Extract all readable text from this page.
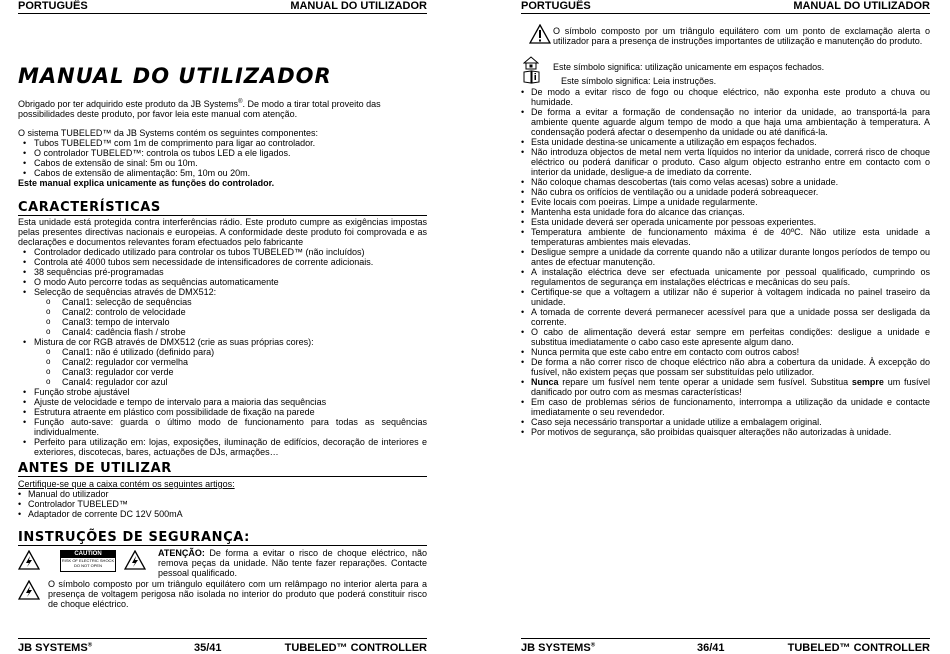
PORTUGUÊS	MANUAL DO UTILIZADOR
MANUAL DO UTILIZADOR

Obrigado por ter adquirido este produto da JB Systems®. De modo a tirar total proveito das possibilidades deste produto, por favor leia este manual com atenção.

O sistema TUBELED™ da JB Systems contém os seguintes componentes:

• Tubos TUBELED™ com 1m de comprimento para ligar ao controlador.
• O controlador TUBELED™: controla os tubos LED a ele ligados.
• Cabos de extensão de sinal: 5m ou 10m.
• Cabos de extensão de alimentação: 5m, 10m ou 20m.

Este manual explica unicamente as funções do controlador.

CARACTERÍSTICAS

Esta unidade está protegida contra interferências rádio. Este produto cumpre as exigências impostas pelas presentes directivas nacionais e europeias. A conformidade deste produto foi comprovada e as declarações e documentos relevantes foram efectuados pelo fabricante

• Controlador dedicado utilizado para controlar os tubos TUBELED™ (não incluídos)
• Controla até 4000 tubos sem necessidade de intensificadores de corrente adicionais.
• 38 sequências pré-programadas
• O modo Auto percorre todas as sequências automaticamente
• Selecção de sequências através de DMX512:
o Canal1: selecção de sequências
o Canal2: controlo de velocidade
o Canal3: tempo de intervalo
o Canal4: cadência flash / strobe
• Mistura de cor RGB através de DMX512 (crie as suas próprias cores):
o Canal1: não é utilizado (definido para)
o Canal2: regulador cor vermelha
o Canal3: regulador cor verde
o Canal4: regulador cor azul
• Função strobe ajustável
• Ajuste de velocidade e tempo de intervalo para a maioria das sequências
• Estrutura atraente em plástico com possibilidade de fixação na parede
• Função auto-save: guarda o último modo de funcionamento para todas as sequências individualmente.
• Perfeito para utilização em: lojas, exposições, iluminação de edifícios, decoração de interiores e exteriores, discotecas, bares, actuações de DJs, armações…
ANTES DE UTILIZAR

Certifique-se que a caixa contém os seguintes artigos:

• Manual do utilizador
• Controlador TUBELED™
• Adaptador de corrente DC 12V 500mA
INSTRUÇÕES DE SEGURANÇA:
CAUTION
RISK OF ELECTRIC SHOCK
DO NOT OPEN

ATENÇÃO: De forma a evitar o risco de choque eléctrico, não remova peças da unidade. Não tente fazer reparações. Contacte pessoal qualificado.

O símbolo composto por um triângulo equilátero com um relâmpago no interior alerta para a presença de voltagem perigosa não isolada no interior do produto que poderá constituir risco de choque eléctrico.

JB SYSTEMS®	35/41	TUBELED™ CONTROLLER
PORTUGUÊS	MANUAL DO UTILIZADOR

O símbolo composto por um triângulo equilátero com um ponto de exclamação alerta o utilizador para a presença de instruções importantes de utilização e manutenção do produto.

Este símbolo significa: utilização unicamente em espaços fechados.

Este símbolo significa: Leia instruções.

• De modo a evitar risco de fogo ou choque eléctrico, não exponha este produto a chuva ou humidade.
• De forma a evitar a formação de condensação no interior da unidade, ao transportá-la para ambiente quente aguarde algum tempo de modo a que haja uma ambientação à temperatura. A condensação poderá afectar o desempenho da unidade ou até danificá-la.
• Esta unidade destina-se unicamente a utilização em espaços fechados.
• Não introduza objectos de metal nem verta líquidos no interior da unidade, correrá risco de choque eléctrico ou poderá danificar o produto. Caso algum objecto estranho entre em contacto com o interior da unidade, desligue-a de imediato da corrente.
• Não coloque chamas descobertas (tais como velas acesas) sobre a unidade.
• Não cubra os orifícios de ventilação ou a unidade poderá sobreaquecer.
• Evite locais com poeiras. Limpe a unidade regularmente.
• Mantenha esta unidade fora do alcance das crianças.
• Esta unidade deverá ser operada unicamente por pessoas experientes.
• Temperatura ambiente de funcionamento máxima é de 40ºC. Não utilize esta unidade a temperaturas ambientes mais elevadas.
• Desligue sempre a unidade da corrente quando não a utilizar durante longos períodos de tempo ou antes de efectuar manutenção.
• A instalação eléctrica deve ser efectuada unicamente por pessoal qualificado, cumprindo os regulamentos de segurança em instalações eléctricas e mecânicas do seu país.
• Certifique-se que a voltagem a utilizar não é superior à voltagem indicada no painel traseiro da unidade.
• A tomada de corrente deverá permanecer acessível para que a unidade possa ser desligada da corrente.
• O cabo de alimentação deverá estar sempre em perfeitas condições: desligue a unidade e substitua imediatamente o cabo caso este apresente algum dano.
• Nunca permita que este cabo entre em contacto com outros cabos!
• De forma a não correr risco de choque eléctrico não abra a cobertura da unidade. À excepção do fusível, não existem peças que possam ser substituídas pelo utilizador.
• Nunca repare um fusível nem tente operar a unidade sem fusível. Substitua sempre um fusível danificado por outro com as mesmas características!
• Em caso de problemas sérios de funcionamento, interrompa a utilização da unidade e contacte imediatamente o seu revendedor.
• Caso seja necessário transportar a unidade utilize a embalagem original.
• Por motivos de segurança, são proibidas quaisquer alterações não autorizadas à unidade.
JB SYSTEMS®	36/41	TUBELED™ CONTROLLER
